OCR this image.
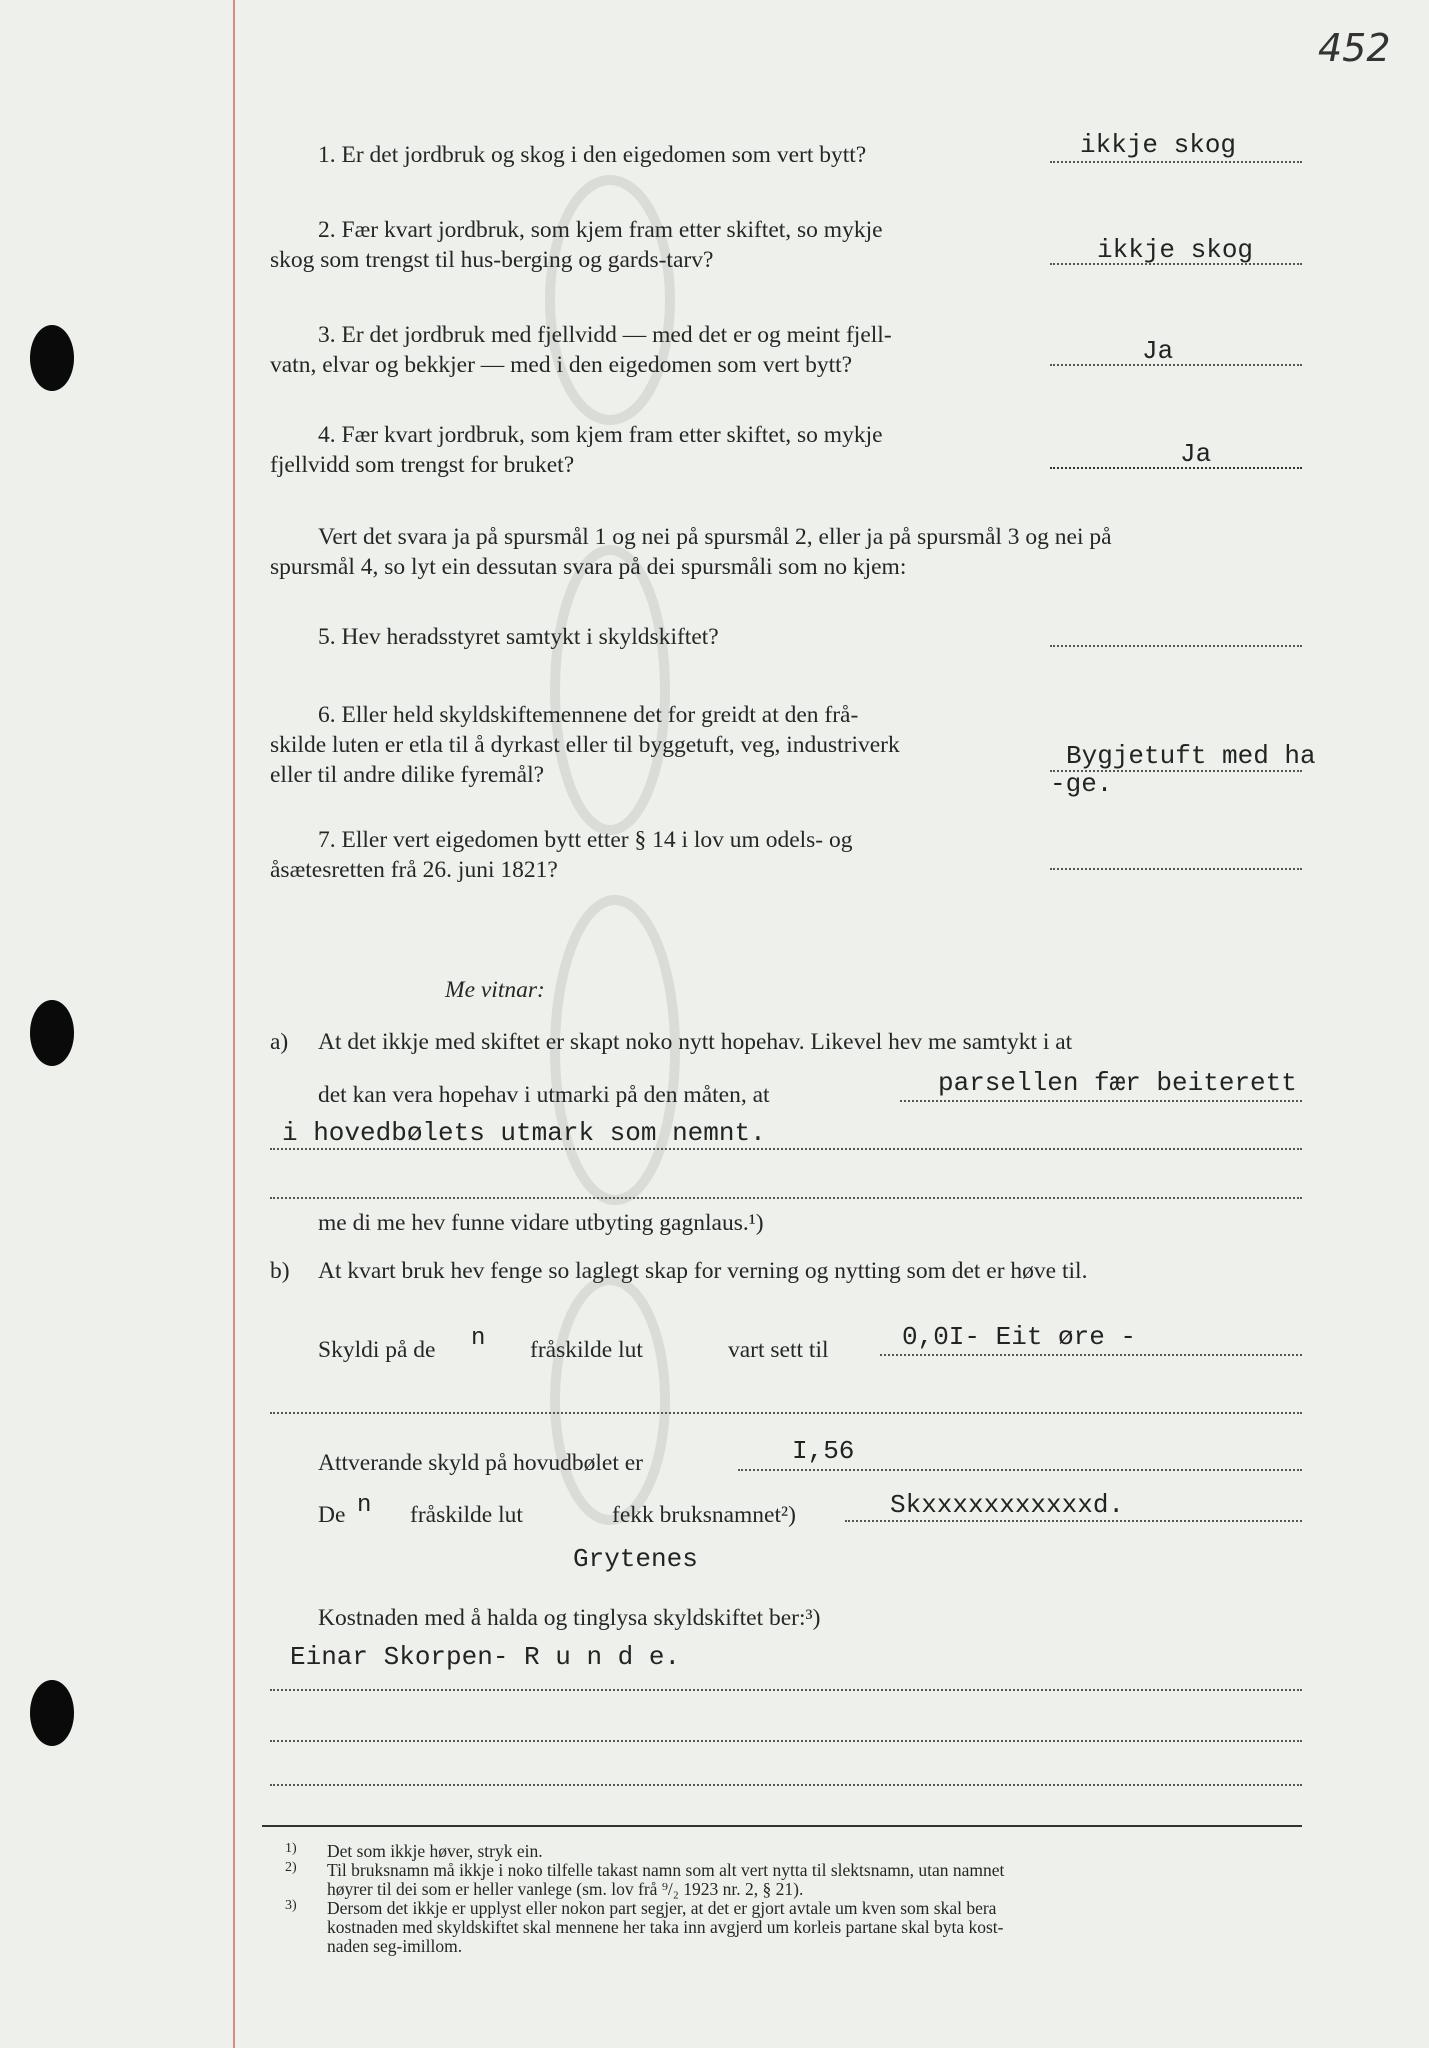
452
1. Er det jordbruk og skog i den eigedomen som vert bytt?	ikkje skog
2. Fær kvart jordbruk, som kjem fram etter skiftet, so mykje
skog som trengst til hus‑berging og gards‑tarv?	ikkje skog
3. Er det jordbruk med fjellvidd — med det er og meint fjell‑
vatn, elvar og bekkjer — med i den eigedomen som vert bytt?	Ja
4. Fær kvart jordbruk, som kjem fram etter skiftet, so mykje
fjellvidd som trengst for bruket?	Ja
Vert det svara ja på spursmål 1 og nei på spursmål 2, eller ja på spursmål 3 og nei på
spursmål 4, so lyt ein dessutan svara på dei spursmåli som no kjem:
5. Hev heradsstyret samtykt i skyldskiftet?
6. Eller held skyldskiftemennene det for greidt at den frå‑
skilde luten er etla til å dyrkast eller til byggetuft, veg, industriverk
eller til andre dilike fyremål?
Bygjetuft med ha
-ge.
7. Eller vert eigedomen bytt etter § 14 i lov um odels‑ og
åsætesretten frå 26. juni 1821?
Me vitnar:
a) At det ikkje med skiftet er skapt noko nytt hopehav. Likevel hev me samtykt i at
det kan vera hopehav i utmarki på den måten, at	parsellen fær beiterett
i hovedbølets utmark som nemnt.
me di me hev funne vidare utbyting gagnlaus.¹)
b) At kvart bruk hev fenge so laglegt skap for verning og nytting som det er høve til.
Skyldi på de n fråskilde lut	vart sett til	0,0I- Eit øre -
Attverande skyld på hovudbølet er	I,56
De n fråskilde lut	fekk bruksnamnet²)	Skxxxxxxxxxxxd.
Grytenes
Kostnaden med å halda og tinglysa skyldskiftet ber:³)
Einar Skorpen- R u n d e.
1) Det som ikkje høver, stryk ein.
2) Til bruksnamn må ikkje i noko tilfelle takast namn som alt vert nytta til slektsnamn, utan namnet
høyrer til dei som er heller vanlege (sm. lov frå ⁹/₂ 1923 nr. 2, § 21).
3) Dersom det ikkje er upplyst eller nokon part segjer, at det er gjort avtale um kven som skal bera
kostnaden med skyldskiftet skal mennene her taka inn avgjerd um korleis partane skal byta kost‑
naden seg‑imillom.
